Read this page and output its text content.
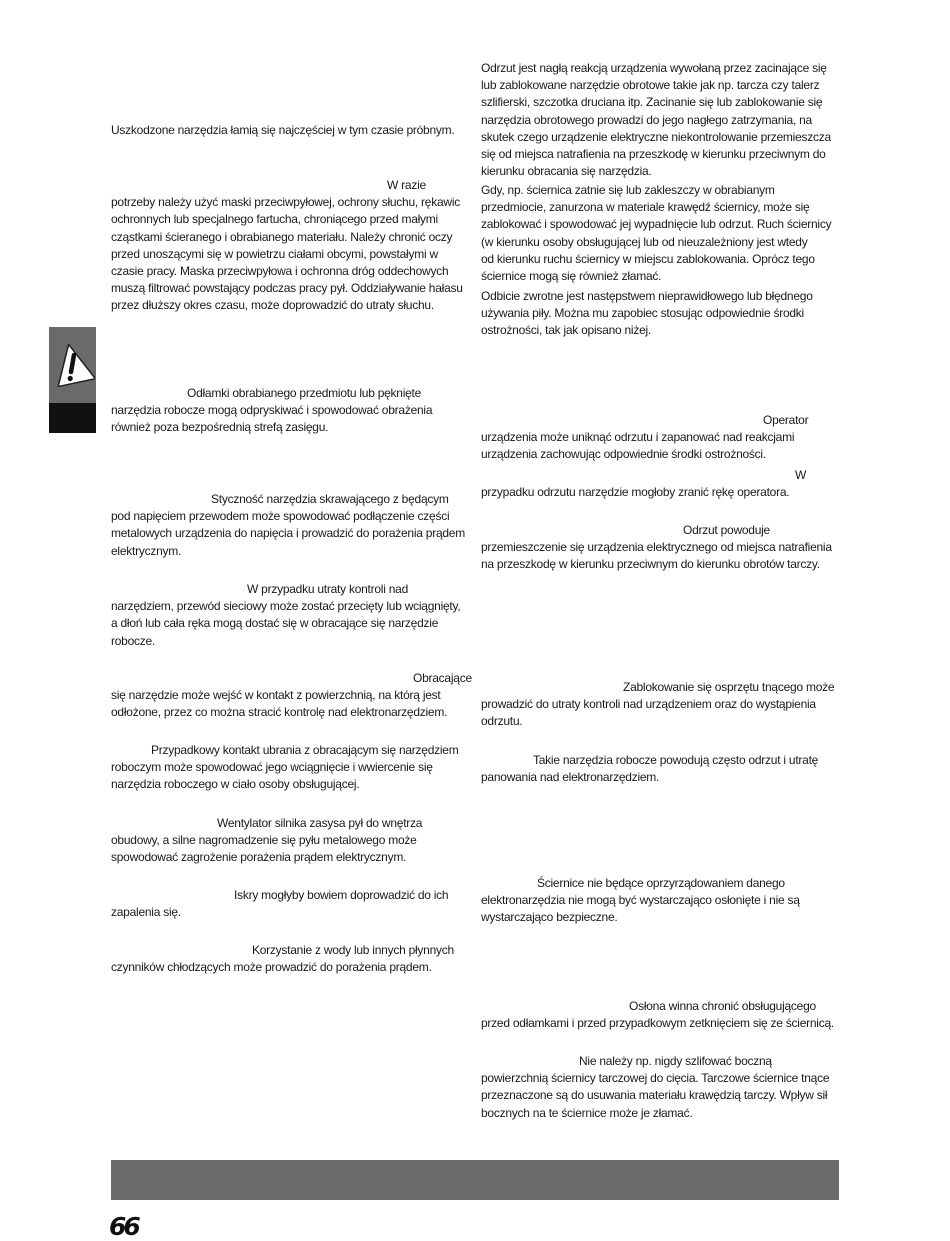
Uszkodzone narzędzia łamią się najczęściej w tym czasie próbnym.

W razie
potrzeby należy użyć maski przeciwpyłowej, ochrony słuchu, rękawic
ochronnych lub specjalnego fartucha, chroniącego przed małymi
cząstkami ścieranego i obrabianego materiału. Należy chronić oczy
przed unoszącymi się w powietrzu ciałami obcymi, powstałymi w
czasie pracy. Maska przeciwpyłowa i ochronna dróg oddechowych
muszą filtrować powstający podczas pracy pył. Oddziaływanie hałasu
przez dłuższy okres czasu, może doprowadzić do utraty słuchu.

Odłamki obrabianego przedmiotu lub pęknięte
narzędzia robocze mogą odpryskiwać i spowodować obrażenia
również poza bezpośrednią strefą zasięgu.

Styczność narzędzia skrawającego z będącym
pod napięciem przewodem może spowodować podłączenie części
metalowych urządzenia do napięcia i prowadzić do porażenia prądem
elektrycznym.

W przypadku utraty kontroli nad
narzędziem, przewód sieciowy może zostać przecięty lub wciągnięty,
a dłoń lub cała ręka mogą dostać się w obracające się narzędzie
robocze.

Obracające
się narzędzie może wejść w kontakt z powierzchnią, na którą jest
odłożone, przez co można stracić kontrolę nad elektronarzędziem.

Przypadkowy kontakt ubrania z obracającym się narzędziem
roboczym może spowodować jego wciągnięcie i wwiercenie się
narzędzia roboczego w ciało osoby obsługującej.

Wentylator silnika zasysa pył do wnętrza
obudowy, a silne nagromadzenie się pyłu metalowego może
spowodować zagrożenie porażenia prądem elektrycznym.

Iskry mogłyby bowiem doprowadzić do ich
zapalenia się.

Korzystanie z wody lub innych płynnych
czynników chłodzących może prowadzić do porażenia prądem.

Odrzut jest nagłą reakcją urządzenia wywołaną przez zacinające się
lub zablokowane narzędzie obrotowe takie jak np. tarcza czy talerz
szlifierski, szczotka druciana itp. Zacinanie się lub zablokowanie się
narzędzia obrotowego prowadzi do jego nagłego zatrzymania, na
skutek czego urządzenie elektryczne niekontrolowanie przemieszcza
się od miejsca natrafienia na przeszkodę w kierunku przeciwnym do
kierunku obracania się narzędzia.

Gdy, np. ściernica zatnie się lub zakleszczy w obrabianym
przedmiocie, zanurzona w materiale krawędź ściernicy, może się
zablokować i spowodować jej wypadnięcie lub odrzut. Ruch ściernicy
(w kierunku osoby obsługującej lub od nieuzależniony jest wtedy
od kierunku ruchu ściernicy w miejscu zablokowania. Oprócz tego
ściernice mogą się również złamać.

Odbicie zwrotne jest następstwem nieprawidłowego lub błędnego
używania piły. Można mu zapobiec stosując odpowiednie środki
ostrożności, tak jak opisano niżej.

Operator
urządzenia może uniknąć odrzutu i zapanować nad reakcjami
urządzenia zachowując odpowiednie środki ostrożności.

W
przypadku odrzutu narzędzie mogłoby zranić rękę operatora.

Odrzut powoduje
przemieszczenie się urządzenia elektrycznego od miejsca natrafienia
na przeszkodę w kierunku przeciwnym do kierunku obrotów tarczy.

Zablokowanie się osprzętu tnącego może
prowadzić do utraty kontroli nad urządzeniem oraz do wystąpienia
odrzutu.

Takie narzędzia robocze powodują często odrzut i utratę
panowania nad elektronarzędziem.

Ściernice nie będące oprzyrządowaniem danego
elektronarzędzia nie mogą być wystarczająco osłonięte i nie są
wystarczająco bezpieczne.

Osłona winna chronić obsługującego
przed odłamkami i przed przypadkowym zetknięciem się ze ściernicą.

Nie należy np. nigdy szlifować boczną
powierzchnią ściernicy tarczowej do cięcia. Tarczowe ściernice tnące
przeznaczone są do usuwania materiału krawędzią tarczy. Wpływ sił
bocznych na te ściernice może je złamać.

66
